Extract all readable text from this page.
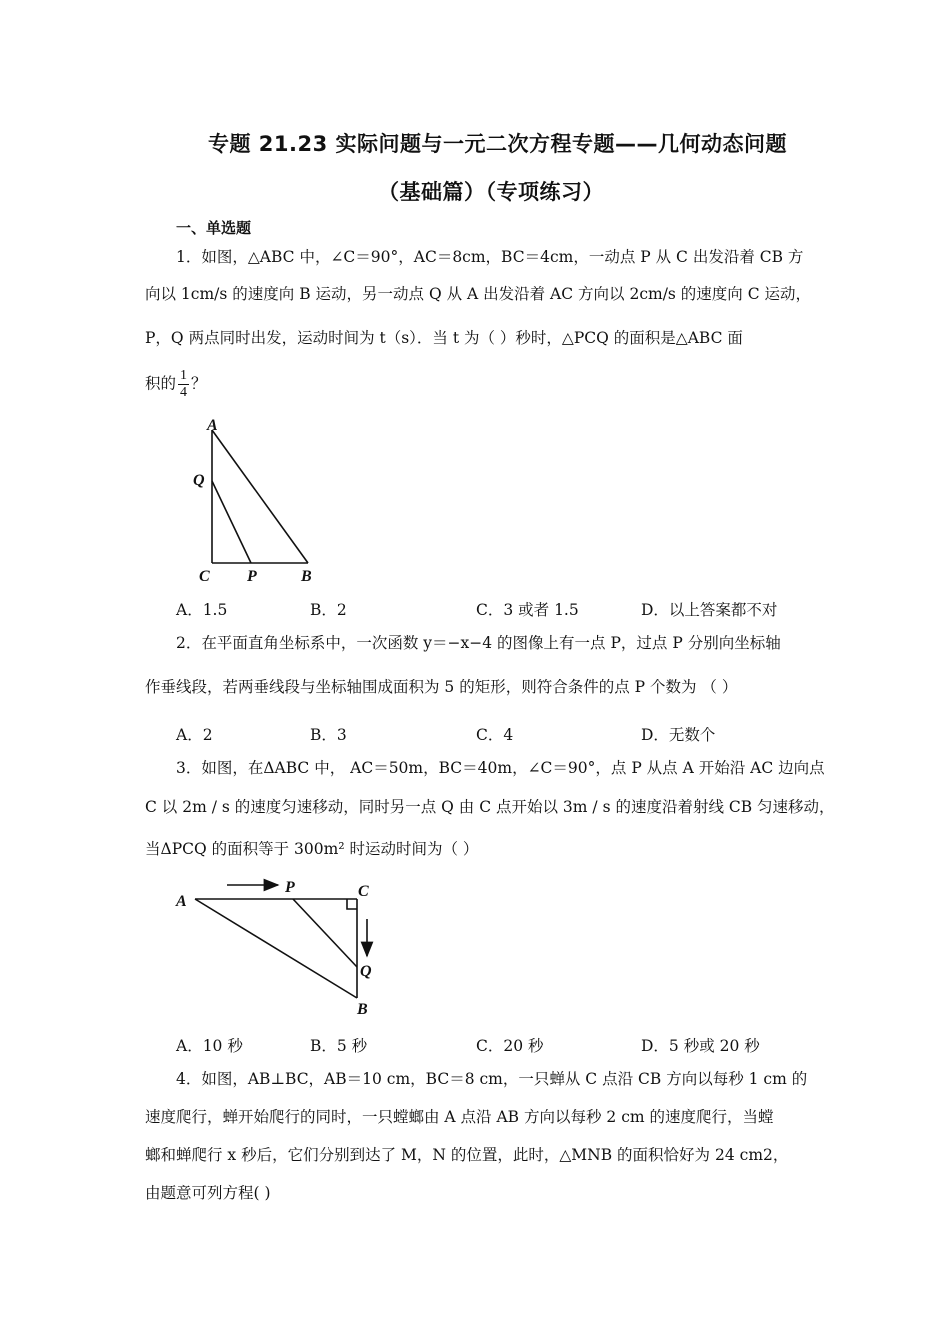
专题 21.23 实际问题与一元二次方程专题——几何动态问题
（基础篇）（专项练习）
一、单选题
1．如图，△ABC 中，∠C＝90°，AC＝8cm，BC＝4cm，一动点 P 从 C 出发沿着 CB 方
向以 1cm/s 的速度向 B 运动，另一动点 Q 从 A 出发沿着 AC 方向以 2cm/s 的速度向 C 运动，
P，Q 两点同时出发，运动时间为 t（s）．当 t 为（ ）秒时，△PCQ 的面积是△ABC 面
积的 $\frac{1}{4}$ ？
A
Q
C P	B
A．1.5	B．2	C．3 或者 1.5	D．以上答案都不对
2．在平面直角坐标系中，一次函数 y＝−x−4 的图像上有一点 P，过点 P 分别向坐标轴
作垂线段，若两垂线段与坐标轴围成面积为 5 的矩形，则符合条件的点 P 个数为 （ ）
A．2	B．3	C．4	D．无数个
3．如图，在ΔABC 中， AC＝50m，BC＝40m，∠C＝90°，点 P 从点 A 开始沿 AC 边向点
C 以 2m / s 的速度匀速移动，同时另一点 Q 由 C 点开始以 3m / s 的速度沿着射线 CB 匀速移动，
当ΔPCQ 的面积等于 300m² 时运动时间为（ ）
A
P	C
Q
B
A．10 秒	B．5 秒	C．20 秒	D．5 秒或 20 秒
4．如图，AB⊥BC，AB＝10 cm，BC＝8 cm，一只蝉从 C 点沿 CB 方向以每秒 1 cm 的
速度爬行，蝉开始爬行的同时，一只螳螂由 A 点沿 AB 方向以每秒 2 cm 的速度爬行，当螳
螂和蝉爬行 x 秒后，它们分别到达了 M，N 的位置，此时，△MNB 的面积恰好为 24 cm2，
由题意可列方程( )
